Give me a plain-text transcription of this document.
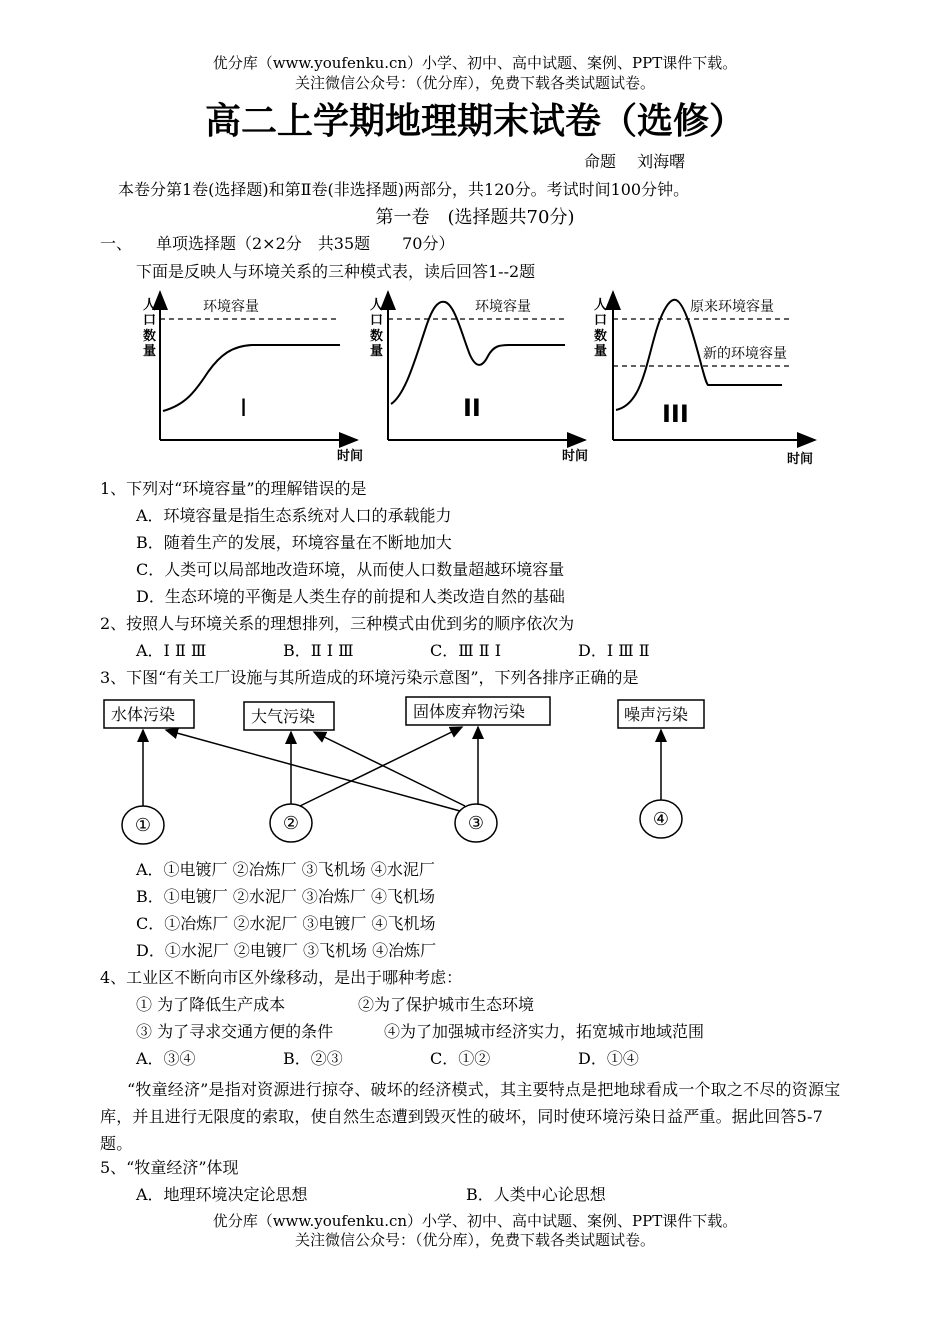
优分库（www.youfenku.cn）小学、初中、高中试题、案例、PPT课件下载。
关注微信公众号：（优分库），免费下载各类试题试卷。
高二上学期地理期末试卷（选修）
命题　 刘海曙
本卷分第1卷(选择题)和第Ⅱ卷(非选择题)两部分，共120分。考试时间100分钟。
第一卷　(选择题共70分)
一、　　单项选择题（2×2分　共35题　　70分）
下面是反映人与环境关系的三种模式表，读后回答1--2题
环境容量
I
人
口
数
量
时间
环境容量
II
人
口
数
量
时间
原来环境容量
新的环境容量
III
人
口
数
量
时间
1、下列对“环境容量”的理解错误的是
A．环境容量是指生态系统对人口的承载能力
B．随着生产的发展，环境容量在不断地加大
C．人类可以局部地改造环境，从而使人口数量超越环境容量
D．生态环境的平衡是人类生存的前提和人类改造自然的基础
2、按照人与环境关系的理想排列，三种模式由优到劣的顺序依次为
A．Ⅰ Ⅱ Ⅲ	B．Ⅱ Ⅰ Ⅲ	C．Ⅲ Ⅱ Ⅰ	D．Ⅰ Ⅲ Ⅱ
3、下图“有关工厂设施与其所造成的环境污染示意图”，下列各排序正确的是
水体污染	大气污染	固体废弃物污染	噪声污染
①	②	③	④
A．①电镀厂 ②冶炼厂 ③飞机场 ④水泥厂
B．①电镀厂 ②水泥厂 ③冶炼厂 ④飞机场
C．①冶炼厂 ②水泥厂 ③电镀厂 ④飞机场
D．①水泥厂 ②电镀厂 ③飞机场 ④冶炼厂
4、工业区不断向市区外缘移动，是出于哪种考虑：
① 为了降低生产成本	②为了保护城市生态环境
③ 为了寻求交通方便的条件	④为了加强城市经济实力，拓宽城市地域范围
A．③④	B．②③	C．①②	D．①④
“牧童经济”是指对资源进行掠夺、破坏的经济模式，其主要特点是把地球看成一个取之不尽的资源宝库，并且进行无限度的索取，使自然生态遭到毁灭性的破坏，同时使环境污染日益严重。据此回答5-7题。
5、“牧童经济”体现
A．地理环境决定论思想	B．人类中心论思想
优分库（www.youfenku.cn）小学、初中、高中试题、案例、PPT课件下载。
关注微信公众号：（优分库），免费下载各类试题试卷。
